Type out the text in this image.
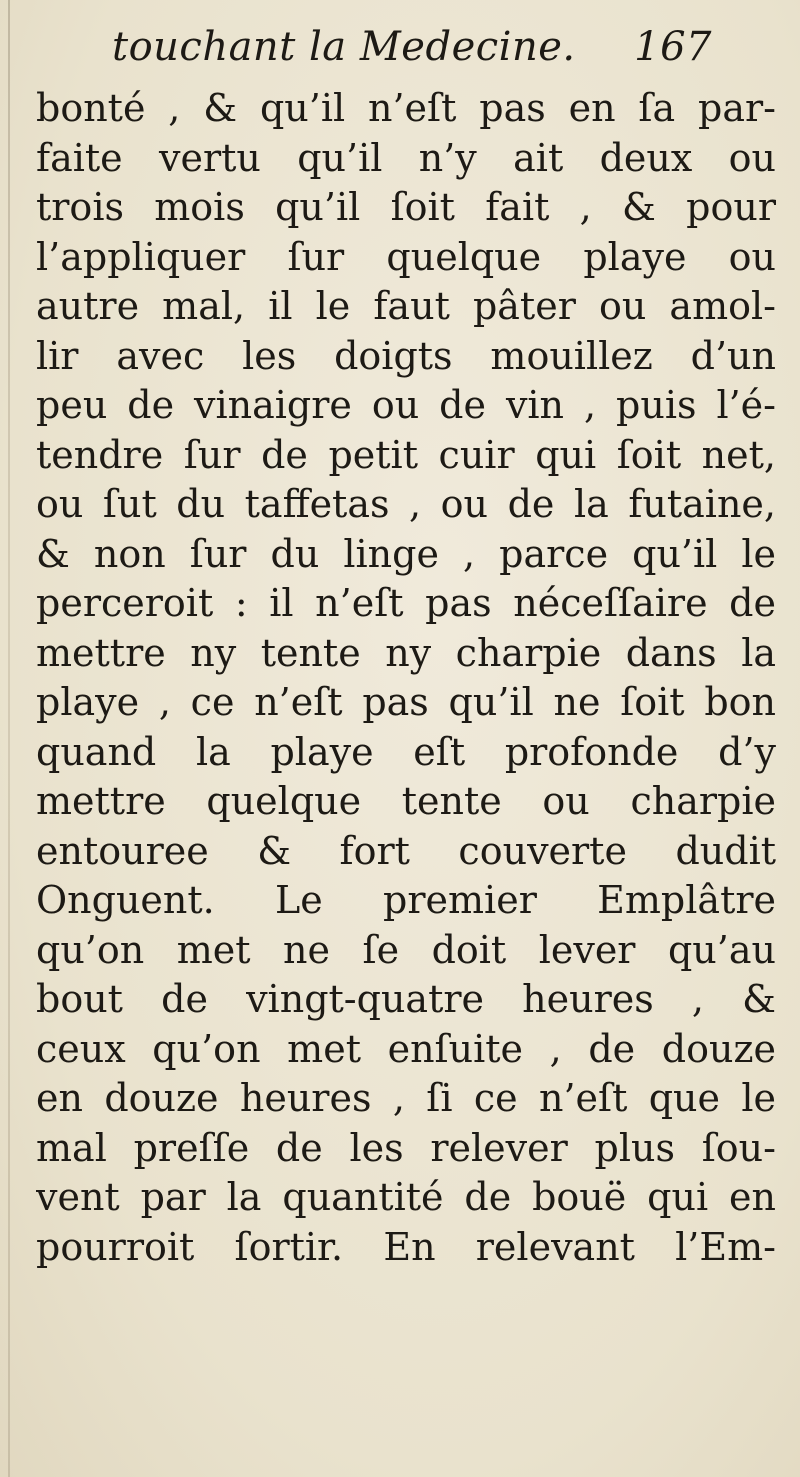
touchant la Medecine. 167
bonté , & qu’il n’eſt pas en ſa par-
faite vertu qu’il n’y ait deux ou
trois mois qu’il ſoit fait , & pour
l’appliquer ſur quelque playe ou
autre mal, il le faut pâter ou amol-
lir avec les doigts mouillez d’un
peu de vinaigre ou de vin , puis l’é-
tendre ſur de petit cuir qui ſoit net,
ou ſut du taffetas , ou de la futaine,
& non ſur du linge , parce qu’il le
perceroit : il n’eſt pas néceſſaire de
mettre ny tente ny charpie dans la
playe , ce n’eſt pas qu’il ne ſoit bon
quand la playe eſt profonde d’y
mettre quelque tente ou charpie
entouree & fort couverte dudit
Onguent. Le premier Emplâtre
qu’on met ne ſe doit lever qu’au
bout de vingt-quatre heures , &
ceux qu’on met enſuite , de douze
en douze heures , ſi ce n’eſt que le
mal preſſe de les relever plus ſou-
vent par la quantité de bouë qui en
pourroit ſortir. En relevant l’Em-
